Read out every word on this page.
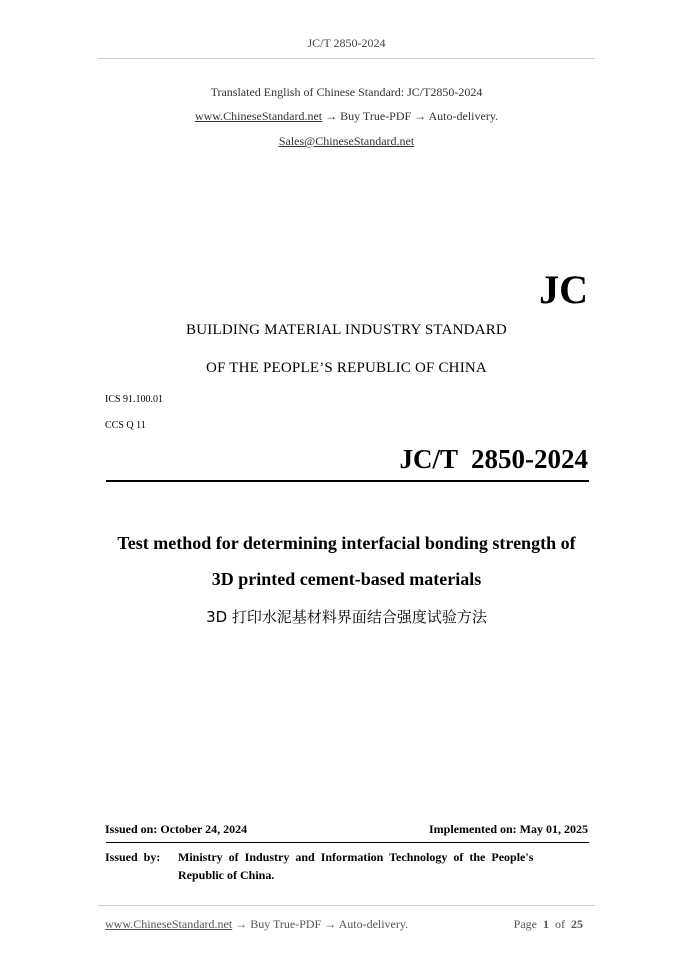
JC/T 2850-2024
Translated English of Chinese Standard: JC/T2850-2024
www.ChineseStandard.net → Buy True-PDF → Auto-delivery.
Sales@ChineseStandard.net
JC
BUILDING MATERIAL INDUSTRY STANDARD
OF THE PEOPLE’S REPUBLIC OF CHINA
ICS 91.100.01
CCS Q 11
JC/T  2850-2024
Test method for determining interfacial bonding strength of
3D printed cement-based materials
3D 打印水泥基材料界面结合强度试验方法
Issued on: October 24, 2024	Implemented on: May 01, 2025
Issued  by: Ministry  of  Industry  and  Information  Technology  of  the  People's
Republic of China.
www.ChineseStandard.net → Buy True-PDF → Auto-delivery.	Page 1 of 25
